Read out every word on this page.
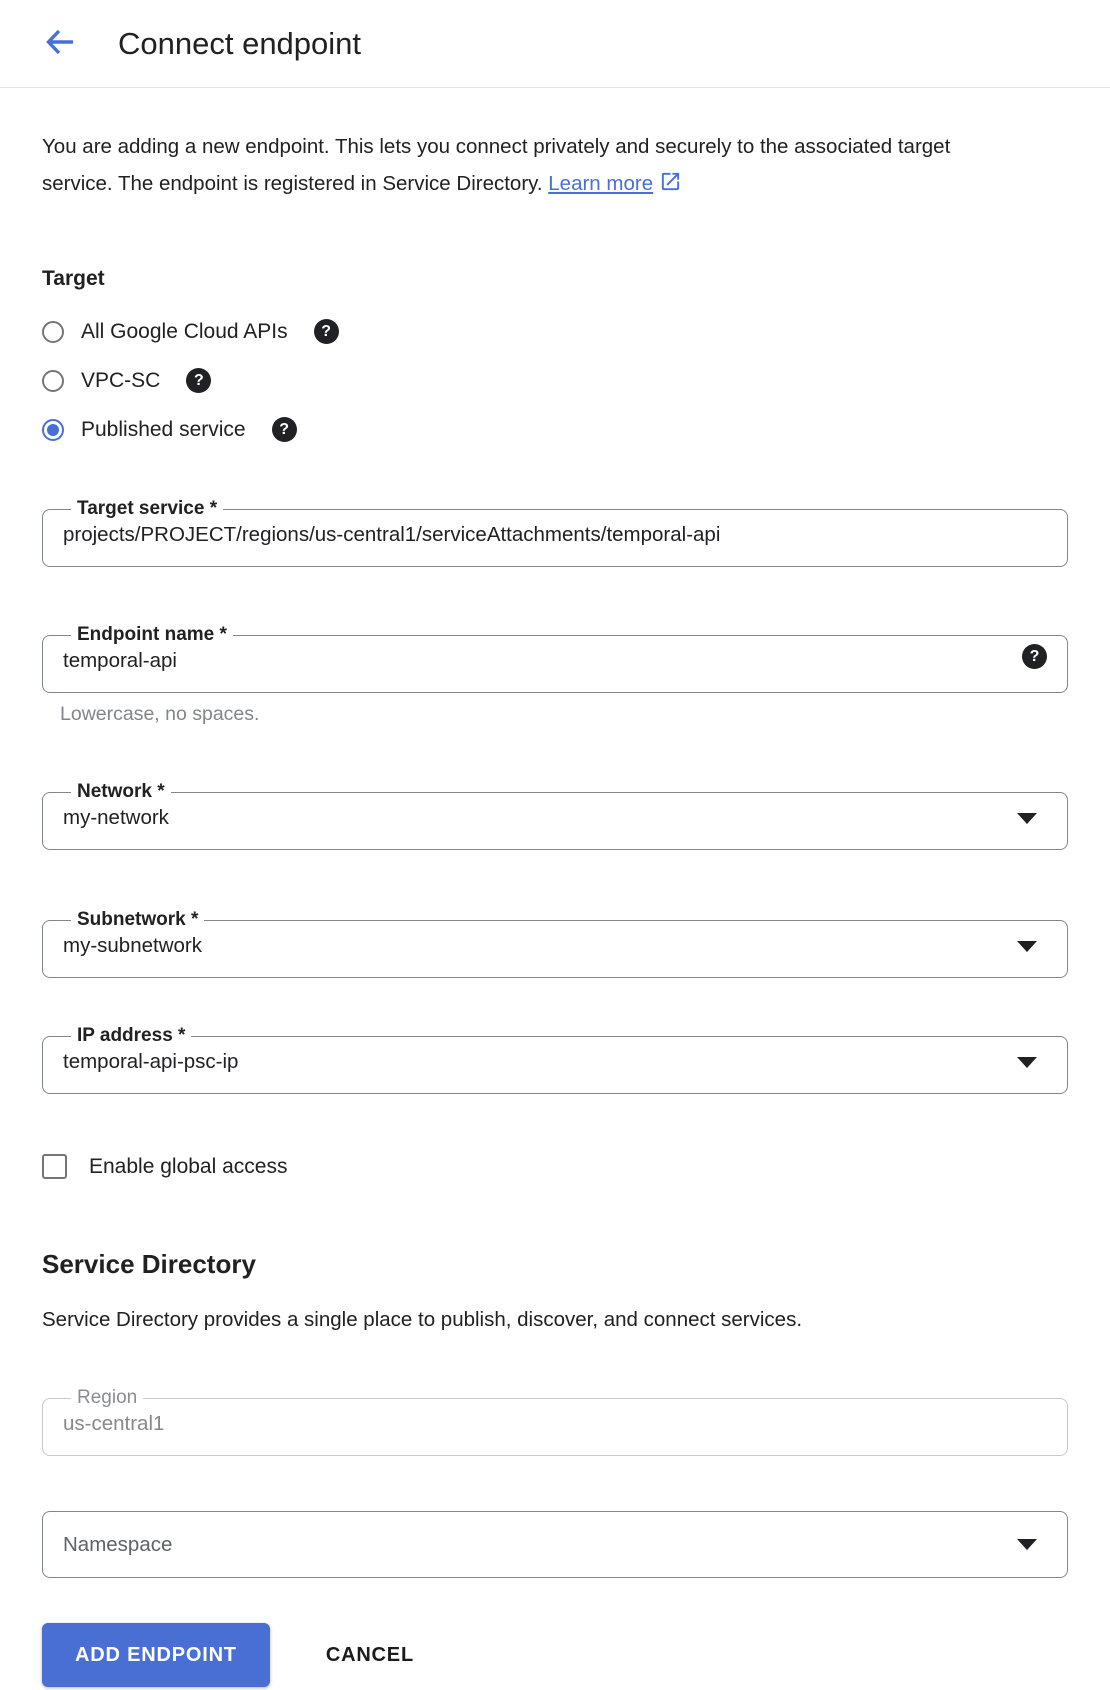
Connect endpoint

You are adding a new endpoint. This lets you connect privately and securely to the associated target service. The endpoint is registered in Service Directory. Learn more

Target
All Google Cloud APIs	?
VPC-SC	?
Published service	?
Target service *
projects/PROJECT/regions/us-central1/serviceAttachments/temporal-api
Endpoint name *
temporal-api	?
Lowercase, no spaces.
Network *
my-network
Subnetwork *
my-subnetwork
IP address *
temporal-api-psc-ip
Enable global access
Service Directory
Service Directory provides a single place to publish, discover, and connect services.
Region
us-central1
Namespace
ADD ENDPOINT	CANCEL
